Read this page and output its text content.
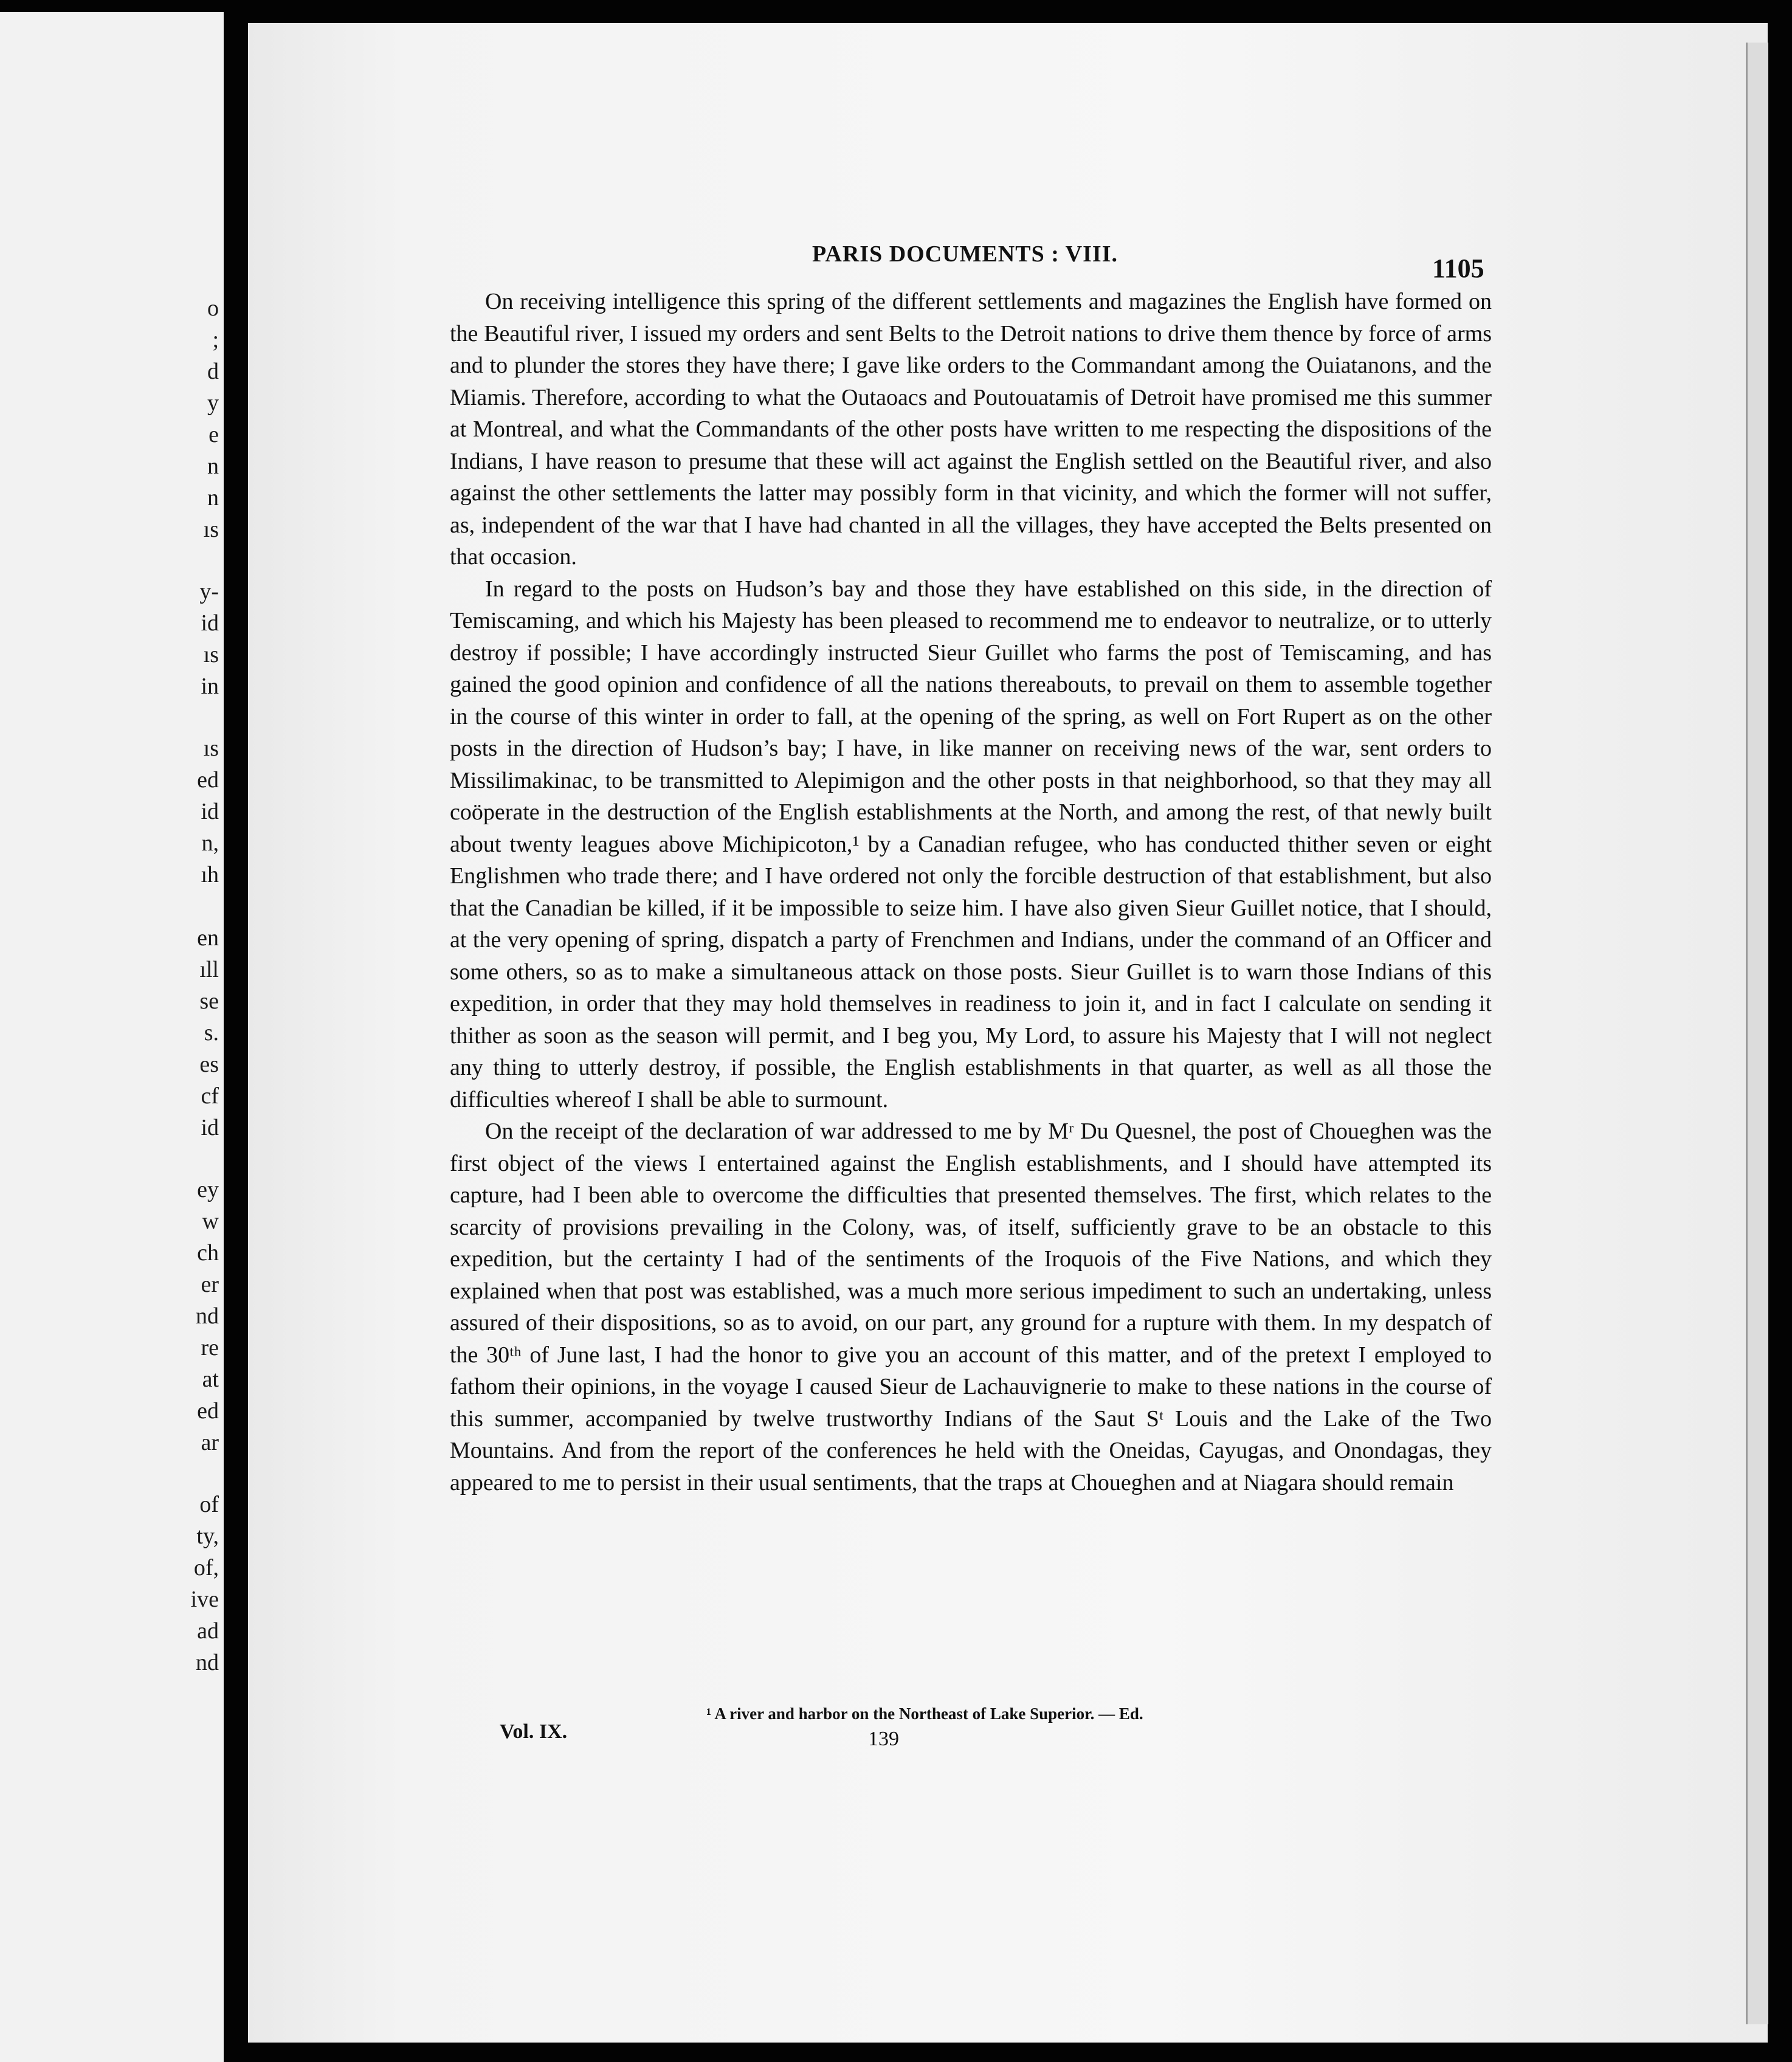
o
;
d
y
e
n
n
ıs
y-
id
ıs
in
ıs
ed
id
n,
ıh
en
ıll
se
s.
es
cf
id
ey
w
ch
er
nd
re
at
ed
ar
of
ty,
of,
ive
ad
nd
PARIS DOCUMENTS : VIII.	1105

On receiving intelligence this spring of the different settlements and magazines the English have formed on the Beautiful river, I issued my orders and sent Belts to the Detroit nations to drive them thence by force of arms and to plunder the stores they have there; I gave like orders to the Commandant among the Ouiatanons, and the Miamis. Therefore, according to what the Outaoacs and Poutouatamis of Detroit have promised me this summer at Montreal, and what the Commandants of the other posts have written to me respecting the dispositions of the Indians, I have reason to presume that these will act against the English settled on the Beautiful river, and also against the other settlements the latter may possibly form in that vicinity, and which the former will not suffer, as, independent of the war that I have had chanted in all the villages, they have accepted the Belts presented on that occasion.

In regard to the posts on Hudson’s bay and those they have established on this side, in the direction of Temiscaming, and which his Majesty has been pleased to recommend me to endeavor to neutralize, or to utterly destroy if possible; I have accordingly instructed Sieur Guillet who farms the post of Temiscaming, and has gained the good opinion and confidence of all the nations thereabouts, to prevail on them to assemble together in the course of this winter in order to fall, at the opening of the spring, as well on Fort Rupert as on the other posts in the direction of Hudson’s bay; I have, in like manner on receiving news of the war, sent orders to Missilimakinac, to be transmitted to Alepimigon and the other posts in that neighborhood, so that they may all coöperate in the destruction of the English establishments at the North, and among the rest, of that newly built about twenty leagues above Michipicoton,¹ by a Canadian refugee, who has conducted thither seven or eight Englishmen who trade there; and I have ordered not only the forcible destruction of that establishment, but also that the Canadian be killed, if it be impossible to seize him. I have also given Sieur Guillet notice, that I should, at the very opening of spring, dispatch a party of Frenchmen and Indians, under the command of an Officer and some others, so as to make a simultaneous attack on those posts. Sieur Guillet is to warn those Indians of this expedition, in order that they may hold themselves in readiness to join it, and in fact I calculate on sending it thither as soon as the season will permit, and I beg you, My Lord, to assure his Majesty that I will not neglect any thing to utterly destroy, if possible, the English establishments in that quarter, as well as all those the difficulties whereof I shall be able to surmount.

On the receipt of the declaration of war addressed to me by Mʳ Du Quesnel, the post of Choueghen was the first object of the views I entertained against the English establishments, and I should have attempted its capture, had I been able to overcome the difficulties that presented themselves. The first, which relates to the scarcity of provisions prevailing in the Colony, was, of itself, sufficiently grave to be an obstacle to this expedition, but the certainty I had of the sentiments of the Iroquois of the Five Nations, and which they explained when that post was established, was a much more serious impediment to such an undertaking, unless assured of their dispositions, so as to avoid, on our part, any ground for a rupture with them. In my despatch of the 30ᵗʰ of June last, I had the honor to give you an account of this matter, and of the pretext I employed to fathom their opinions, in the voyage I caused Sieur de Lachauvignerie to make to these nations in the course of this summer, accompanied by twelve trustworthy Indians of the Saut Sᵗ Louis and the Lake of the Two Mountains. And from the report of the conferences he held with the Oneidas, Cayugas, and Onondagas, they appeared to me to persist in their usual sentiments, that the traps at Choueghen and at Niagara should remain

¹ A river and harbor on the Northeast of Lake Superior. — Ed.
Vol. IX.	139
